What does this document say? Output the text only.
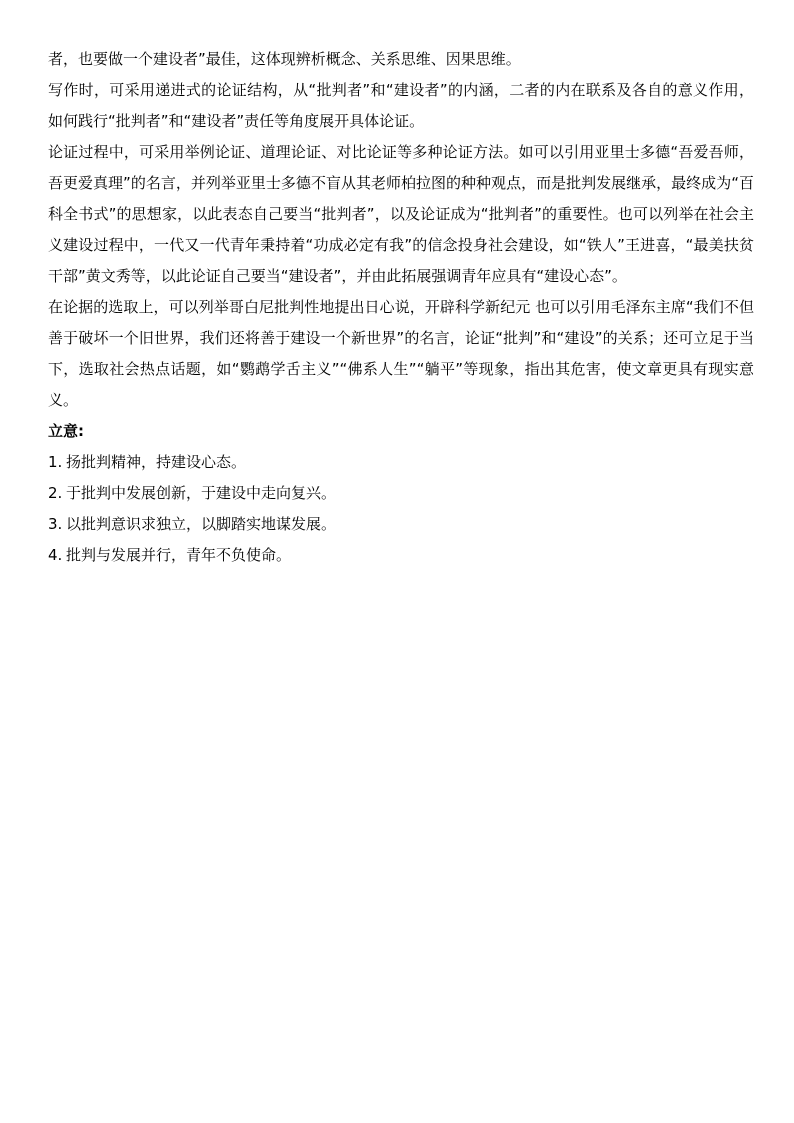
者，也要做一个建设者”最佳，这体现辨析概念、关系思维、因果思维。

写作时，可采用递进式的论证结构，从“批判者”和“建设者”的内涵，二者的内在联系及各自的意义作用，如何践行“批判者”和“建设者”责任等角度展开具体论证。

论证过程中，可采用举例论证、道理论证、对比论证等多种论证方法。如可以引用亚里士多德“吾爱吾师，吾更爱真理”的名言，并列举亚里士多德不盲从其老师柏拉图的种种观点，而是批判发展继承，最终成为“百科全书式”的思想家，以此表态自己要当“批判者”，以及论证成为“批判者”的重要性。也可以列举在社会主义建设过程中，一代又一代青年秉持着“功成必定有我”的信念投身社会建设，如“铁人”王进喜，“最美扶贫干部”黄文秀等，以此论证自己要当“建设者”，并由此拓展强调青年应具有“建设心态”。

在论据的选取上，可以列举哥白尼批判性地提出日心说，开辟科学新纪元 也可以引用毛泽东主席“我们不但善于破坏一个旧世界，我们还将善于建设一个新世界”的名言，论证“批判”和“建设”的关系；还可立足于当下，选取社会热点话题，如“鹦鹉学舌主义”“佛系人生”“躺平”等现象，指出其危害，使文章更具有现实意义。

立意:

1. 扬批判精神，持建设心态。
2. 于批判中发展创新，于建设中走向复兴。
3. 以批判意识求独立，以脚踏实地谋发展。
4. 批判与发展并行，青年不负使命。
